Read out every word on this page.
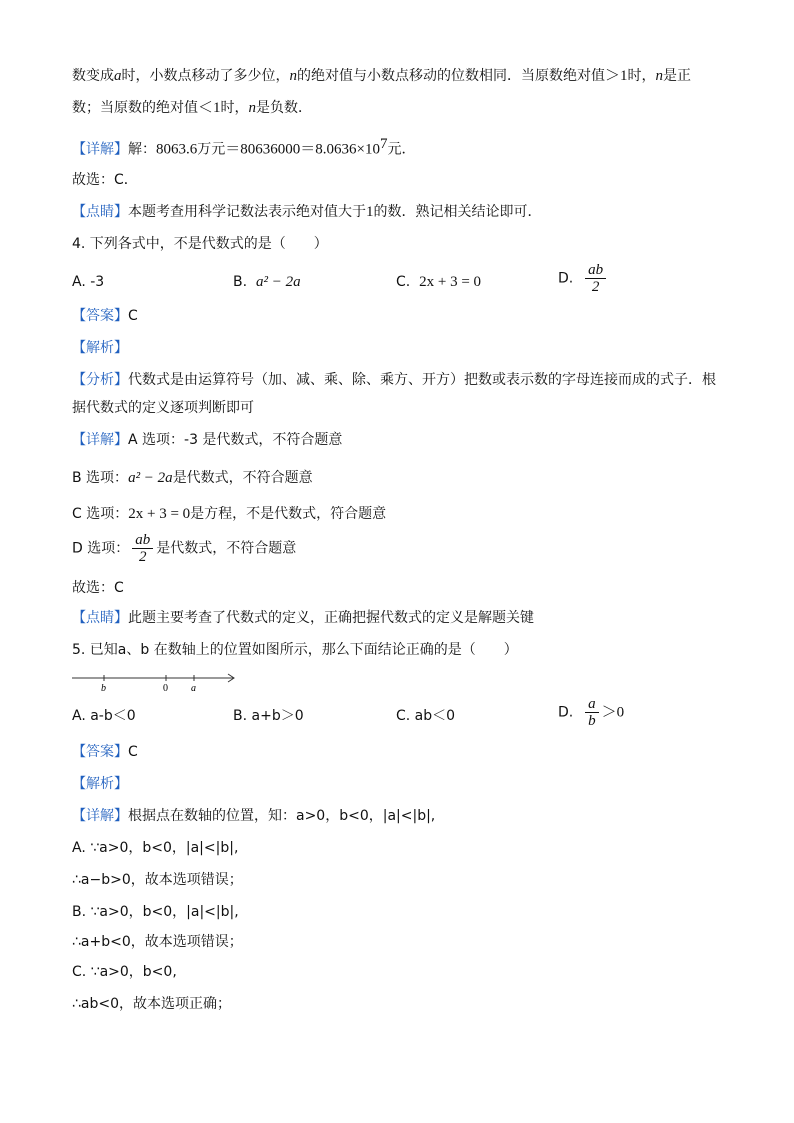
数变成a时，小数点移动了多少位，n的绝对值与小数点移动的位数相同．当原数绝对值＞1时，n是正
数；当原数的绝对值＜1时，n是负数．
【详解】解：8063.6万元$=80636000=8.0636\times 10^7$元．
故选：C．
【点睛】本题考查用科学记数法表示绝对值大于1的数．熟记相关结论即可．
4. 下列各式中，不是代数式的是（　　）
A. -3	B. a² − 2a	C. 2x + 3 = 0	D. $\frac{ab}{2}$
【答案】C
【解析】
【分析】代数式是由运算符号（加、减、乘、除、乘方、开方）把数或表示数的字母连接而成的式子．根
据代数式的定义逐项判断即可
【详解】A 选项：-3 是代数式，不符合题意
B 选项：a² − 2a是代数式，不符合题意
C 选项：2x + 3 = 0是方程，不是代数式，符合题意
D 选项： $\frac{ab}{2}$ 是代数式，不符合题意
故选：C
【点睛】此题主要考查了代数式的定义，正确把握代数式的定义是解题关键
5. 已知a、b 在数轴上的位置如图所示，那么下面结论正确的是（　　）
b	0 a
A. a-b＜0	B. a+b＞0	C. ab＜0	D. $\frac{a}{b} >0$
【答案】C
【解析】
【详解】根据点在数轴的位置，知：a>0，b<0，|a|<|b|,
A. ∵a>0，b<0，|a|<|b|,
∴a−b>0，故本选项错误；
B. ∵a>0，b<0，|a|<|b|,
∴a+b<0，故本选项错误；
C. ∵a>0，b<0,
∴ab<0，故本选项正确；
